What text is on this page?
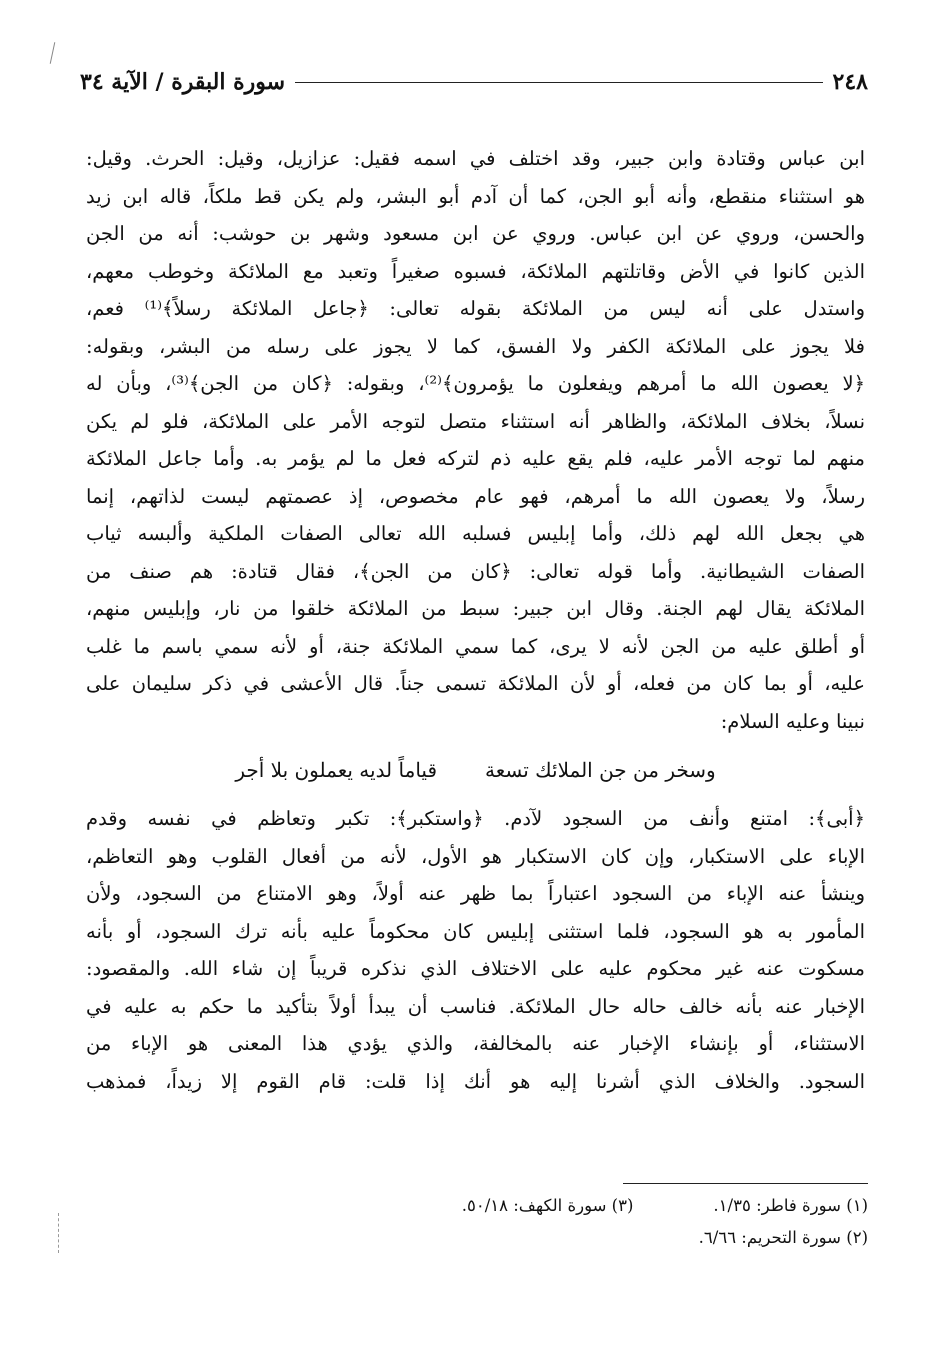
٢٤٨
سورة البقرة / الآية ٣٤
ابن عباس وقتادة وابن جبير، وقد اختلف في اسمه فقيل: عزازيل، وقيل: الحرث. وقيل:
هو استثناء منقطع، وأنه أبو الجن، كما أن آدم أبو البشر، ولم يكن قط ملكاً، قاله ابن زيد
والحسن، وروي عن ابن عباس. وروي عن ابن مسعود وشهر بن حوشب: أنه من الجن
الذين كانوا في الأض وقاتلتهم الملائكة، فسبوه صغيراً وتعبد مع الملائكة وخوطب معهم،
واستدل على أنه ليس من الملائكة بقوله تعالى: ﴿جاعل الملائكة رسلاً﴾⁽¹⁾ فعم،
فلا يجوز على الملائكة الكفر ولا الفسق، كما لا يجوز على رسله من البشر، وبقوله:
﴿لا يعصون الله ما أمرهم ويفعلون ما يؤمرون﴾⁽²⁾، وبقوله: ﴿كان من الجن﴾⁽³⁾، وبأن له
نسلاً، بخلاف الملائكة، والظاهر أنه استثناء متصل لتوجه الأمر على الملائكة، فلو لم يكن
منهم لما توجه الأمر عليه، فلم يقع عليه ذم لتركه فعل ما لم يؤمر به. وأما جاعل الملائكة
رسلاً، ولا يعصون الله ما أمرهم، فهو عام مخصوص، إذ عصمتهم ليست لذاتهم، إنما
هي بجعل الله لهم ذلك، وأما إبليس فسلبه الله تعالى الصفات الملكية وألبسه ثياب
الصفات الشيطانية. وأما قوله تعالى: ﴿كان من الجن﴾، فقال قتادة: هم صنف من
الملائكة يقال لهم الجنة. وقال ابن جبير: سبط من الملائكة خلقوا من نار، وإبليس منهم،
أو أطلق عليه من الجن لأنه لا يرى، كما سمي الملائكة جنة، أو لأنه سمي باسم ما غلب
عليه، أو بما كان من فعله، أو لأن الملائكة تسمى جناً. قال الأعشى في ذكر سليمان على
نبينا وعليه السلام:
وسخر من جن الملائك تسعة
قياماً لديه يعملون بلا أجر
﴿أبى﴾: امتنع وأنف من السجود لآدم. ﴿واستكبر﴾: تكبر وتعاظم في نفسه وقدم
الإباء على الاستكبار، وإن كان الاستكبار هو الأول، لأنه من أفعال القلوب وهو التعاظم،
وينشأ عنه الإباء من السجود اعتباراً بما ظهر عنه أولاً، وهو الامتناع من السجود، ولأن
المأمور به هو السجود، فلما استثنى إبليس كان محكوماً عليه بأنه ترك السجود، أو بأنه
مسكوت عنه غير محكوم عليه على الاختلاف الذي نذكره قريباً إن شاء الله. والمقصود:
الإخبار عنه بأنه خالف حاله حال الملائكة. فناسب أن يبدأ أولاً بتأكيد ما حكم به عليه في
الاستثناء، أو بإنشاء الإخبار عنه بالمخالفة، والذي يؤدي هذا المعنى هو الإباء من
السجود. والخلاف الذي أشرنا إليه هو أنك إذا قلت: قام القوم إلا زيداً، فمذهب
(١) سورة فاطر: ١/٣٥.
(٣) سورة الكهف: ٥٠/١٨.
(٢) سورة التحريم: ٦/٦٦.
